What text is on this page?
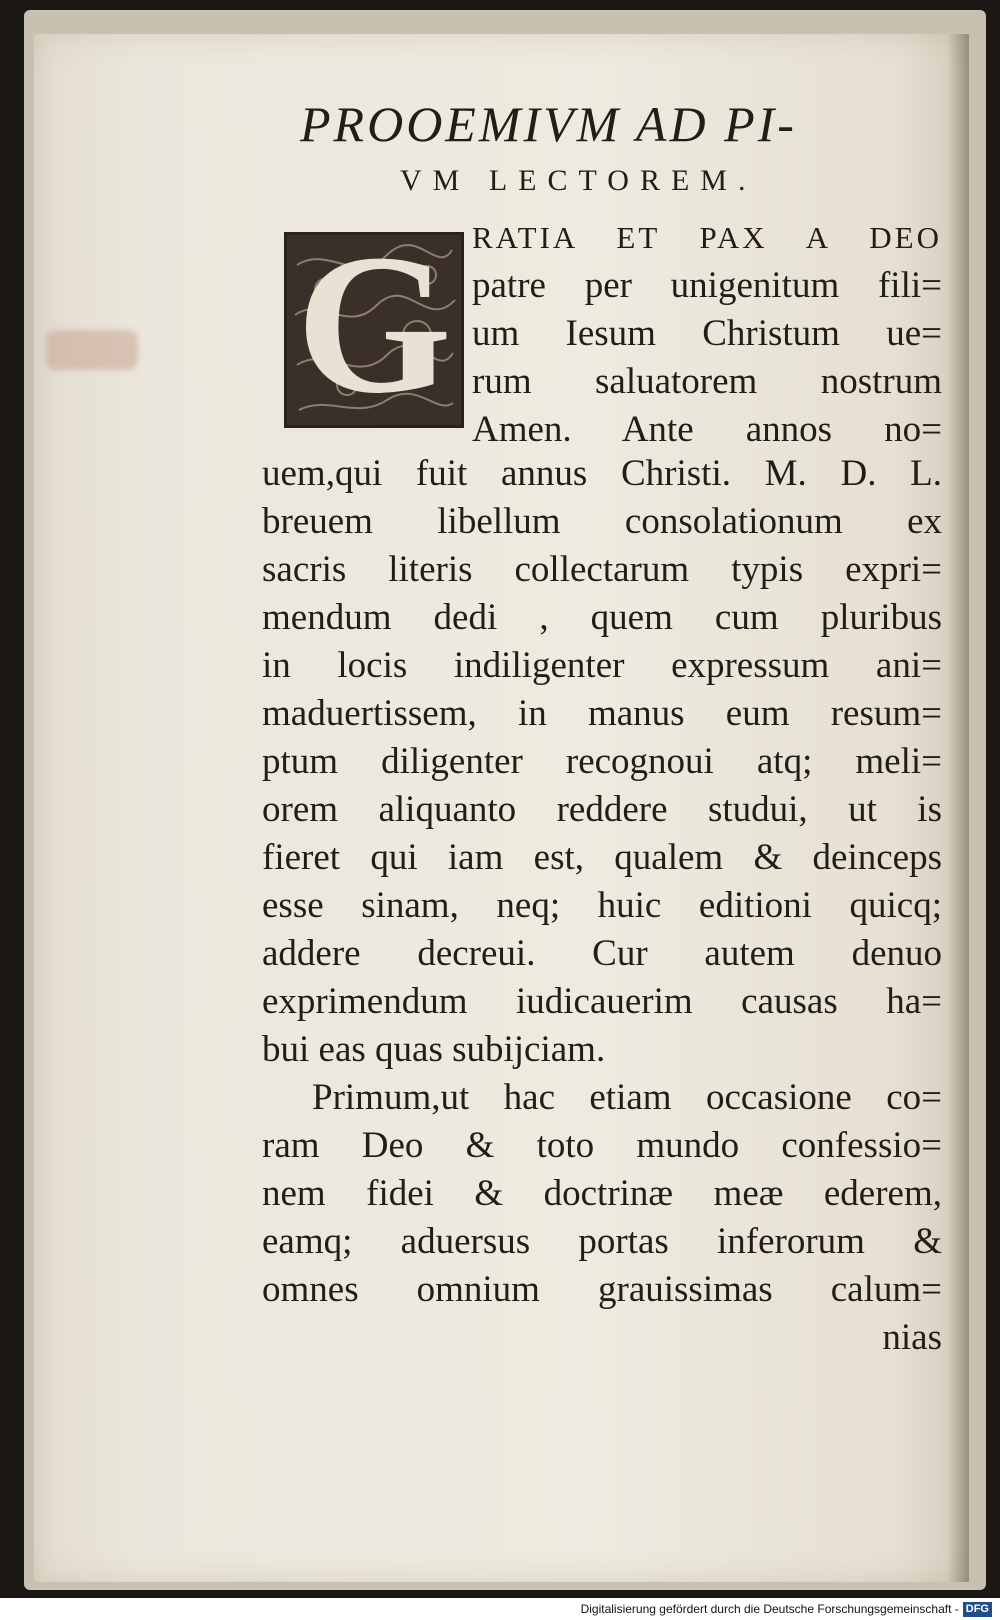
PROOEMIVM AD PI-
VM LECTOREM.
G RATIA ET PAX A DEO
patre per unigenitum fili=
um Iesum Christum ue=
rum saluatorem nostrum
Amen. Ante annos no=
uem,qui fuit annus Christi. M. D. L.
breuem libellum consolationum ex
sacris literis collectarum typis expri=
mendum dedi , quem cum pluribus
in locis indiligenter expressum ani=
maduertissem, in manus eum resum=
ptum diligenter recognoui atq; meli=
orem aliquanto reddere studui, ut is
fieret qui iam est, qualem & deinceps
esse sinam, neq; huic editioni quicq;
addere decreui. Cur autem denuo
exprimendum iudicauerim causas ha=
bui eas quas subijciam.
Primum,ut hac etiam occasione co=
ram Deo & toto mundo confessio=
nem fidei & doctrinæ meæ ederem,
eamq; aduersus portas inferorum &
omnes omnium grauissimas calum=
nias
Digitalisierung gefördert durch die Deutsche Forschungsgemeinschaft - DFG
